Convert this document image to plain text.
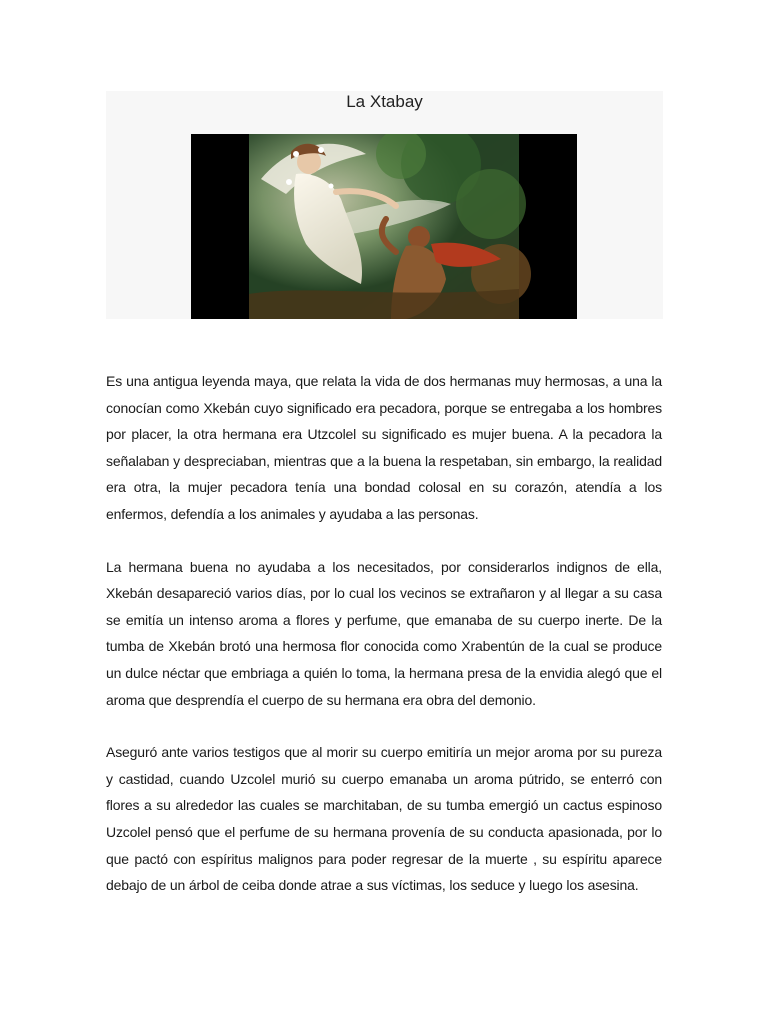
La Xtabay

Es una antigua leyenda maya, que relata la vida de dos hermanas muy hermosas, a una la conocían como Xkebán cuyo significado era pecadora, porque se entregaba a los hombres por placer, la otra hermana era Utzcolel su significado es mujer buena. A la pecadora la señalaban y despreciaban, mientras que a la buena la respetaban, sin embargo, la realidad era otra, la mujer pecadora tenía una bondad colosal en su corazón, atendía a los enfermos, defendía a los animales y ayudaba a las personas.

La hermana buena no ayudaba a los necesitados, por considerarlos indignos de ella, Xkebán desapareció varios días, por lo cual los vecinos se extrañaron y al llegar a su casa se emitía un intenso aroma a flores y perfume, que emanaba de su cuerpo inerte. De la tumba de Xkebán brotó una hermosa flor conocida como Xrabentún de la cual se produce un dulce néctar que embriaga a quién lo toma, la hermana presa de la envidia alegó que el aroma que desprendía el cuerpo de su hermana era obra del demonio.

Aseguró ante varios testigos que al morir su cuerpo emitiría un mejor aroma por su pureza y castidad, cuando Uzcolel murió su cuerpo emanaba un aroma pútrido, se enterró con flores a su alrededor las cuales se marchitaban, de su tumba emergió un cactus espinoso Uzcolel pensó que el perfume de su hermana provenía de su conducta apasionada, por lo que pactó con espíritus malignos para poder regresar de la muerte , su espíritu aparece debajo de un árbol de ceiba donde atrae a sus víctimas, los seduce y luego los asesina.
